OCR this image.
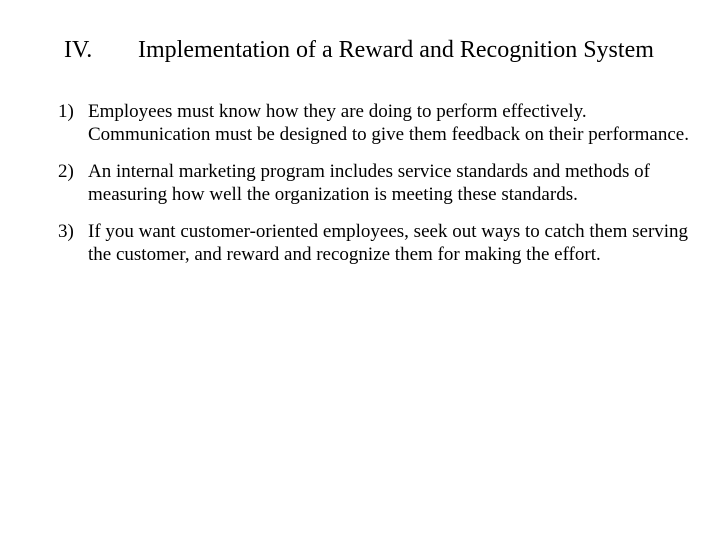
IV. Implementation of a Reward and Recognition System
1) Employees must know how they are doing to perform effectively. Communication must be designed to give them feedback on their performance.
2) An internal marketing program includes service standards and methods of measuring how well the organization is meeting these standards.
3) If you want customer-oriented employees, seek out ways to catch them serving the customer, and reward and recognize them for making the effort.
